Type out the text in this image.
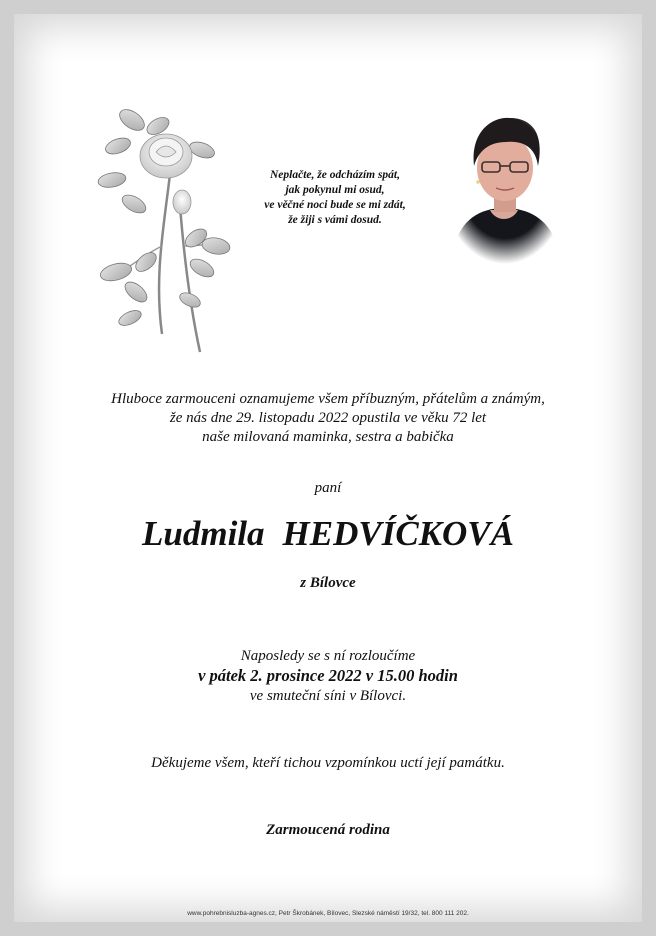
Neplačte, že odcházím spát,
jak pokynul mi osud,
ve věčné noci bude se mi zdát,
že žiji s vámi dosud.
Hluboce zarmouceni oznamujeme všem příbuzným, přátelům a známým,
že nás dne 29. listopadu 2022 opustila ve věku 72 let
naše milovaná maminka, sestra a babička
paní
Ludmila HEDVÍČKOVÁ
z Bílovce
Naposledy se s ní rozloučíme
v pátek 2. prosince 2022 v 15.00 hodin
ve smuteční síni v Bílovci.
Děkujeme všem, kteří tichou vzpomínkou uctí její památku.
Zarmoucená rodina
www.pohrebnisluzba-agnes.cz, Petr Škrobánek, Bílovec, Slezské náměstí 19/32, tel. 800 111 202.
